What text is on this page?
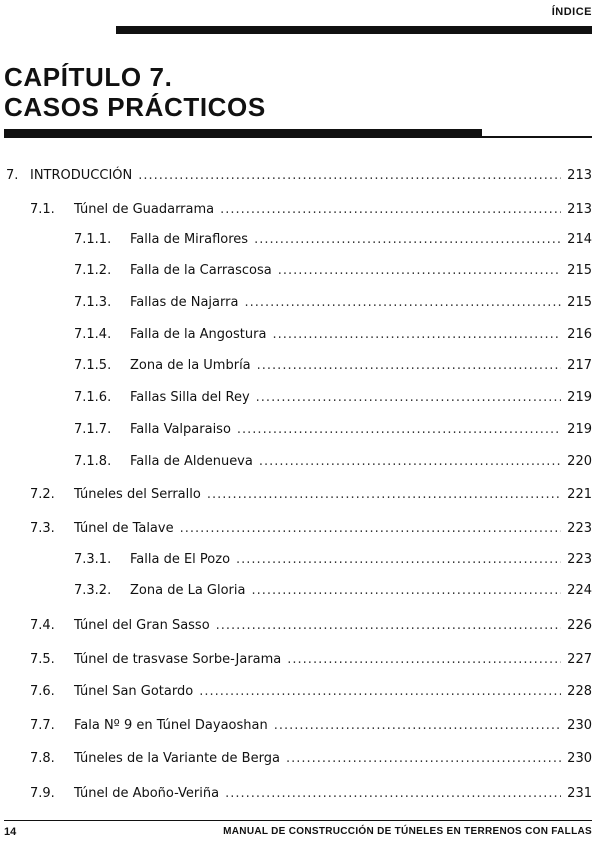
ÍNDICE
CAPÍTULO 7.
CASOS PRÁCTICOS
7. INTRODUCCIÓN .....	213
7.1.	Túnel de Guadarrama .....	213
7.1.1.	Falla de Miraflores .....	214
7.1.2.	Falla de la Carrascosa .....	215
7.1.3.	Fallas de Najarra .....	215
7.1.4.	Falla de la Angostura .....	216
7.1.5.	Zona de la Umbría .....	217
7.1.6.	Fallas Silla del Rey .....	219
7.1.7.	Falla Valparaiso .....	219
7.1.8.	Falla de Aldenueva .....	220
7.2.	Túneles del Serrallo .....	221
7.3.	Túnel de Talave .....	223
7.3.1.	Falla de El Pozo .....	223
7.3.2.	Zona de La Gloria .....	224
7.4.	Túnel del Gran Sasso .....	226
7.5.	Túnel de trasvase Sorbe-Jarama .....	227
7.6.	Túnel San Gotardo .....	228
7.7.	Fala Nº 9 en Túnel Dayaoshan .....	230
7.8.	Túneles de la Variante de Berga .....	230
7.9.	Túnel de Aboño-Veriña .....	231
14	MANUAL DE CONSTRUCCIÓN DE TÚNELES EN TERRENOS CON FALLAS
